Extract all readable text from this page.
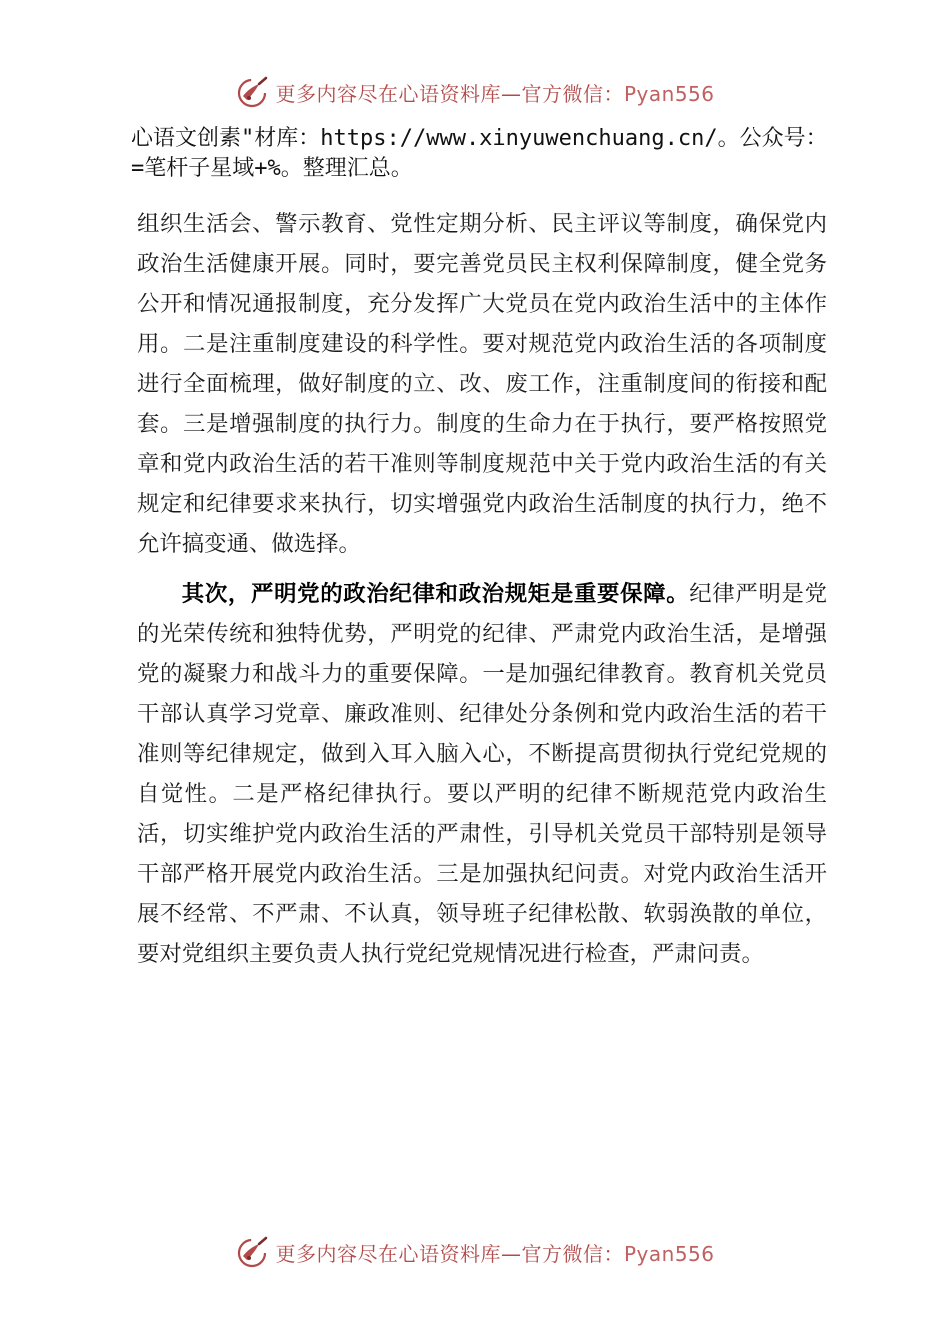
更多内容尽在心语资料库—官方微信：Pyan556
心语文创素"材库：https://www.xinyuwenchuang.cn/。公众号：=笔杆子星域+%。整理汇总。

组织生活会、警示教育、党性定期分析、民主评议等制度，确保党内政治生活健康开展。同时，要完善党员民主权利保障制度，健全党务公开和情况通报制度，充分发挥广大党员在党内政治生活中的主体作用。二是注重制度建设的科学性。要对规范党内政治生活的各项制度进行全面梳理，做好制度的立、改、废工作，注重制度间的衔接和配套。三是增强制度的执行力。制度的生命力在于执行，要严格按照党章和党内政治生活的若干准则等制度规范中关于党内政治生活的有关规定和纪律要求来执行，切实增强党内政治生活制度的执行力，绝不允许搞变通、做选择。

其次，严明党的政治纪律和政治规矩是重要保障。纪律严明是党的光荣传统和独特优势，严明党的纪律、严肃党内政治生活，是增强党的凝聚力和战斗力的重要保障。一是加强纪律教育。教育机关党员干部认真学习党章、廉政准则、纪律处分条例和党内政治生活的若干准则等纪律规定，做到入耳入脑入心，不断提高贯彻执行党纪党规的自觉性。二是严格纪律执行。要以严明的纪律不断规范党内政治生活，切实维护党内政治生活的严肃性，引导机关党员干部特别是领导干部严格开展党内政治生活。三是加强执纪问责。对党内政治生活开展不经常、不严肃、不认真，领导班子纪律松散、软弱涣散的单位，要对党组织主要负责人执行党纪党规情况进行检查，严肃问责。

更多内容尽在心语资料库—官方微信：Pyan556
